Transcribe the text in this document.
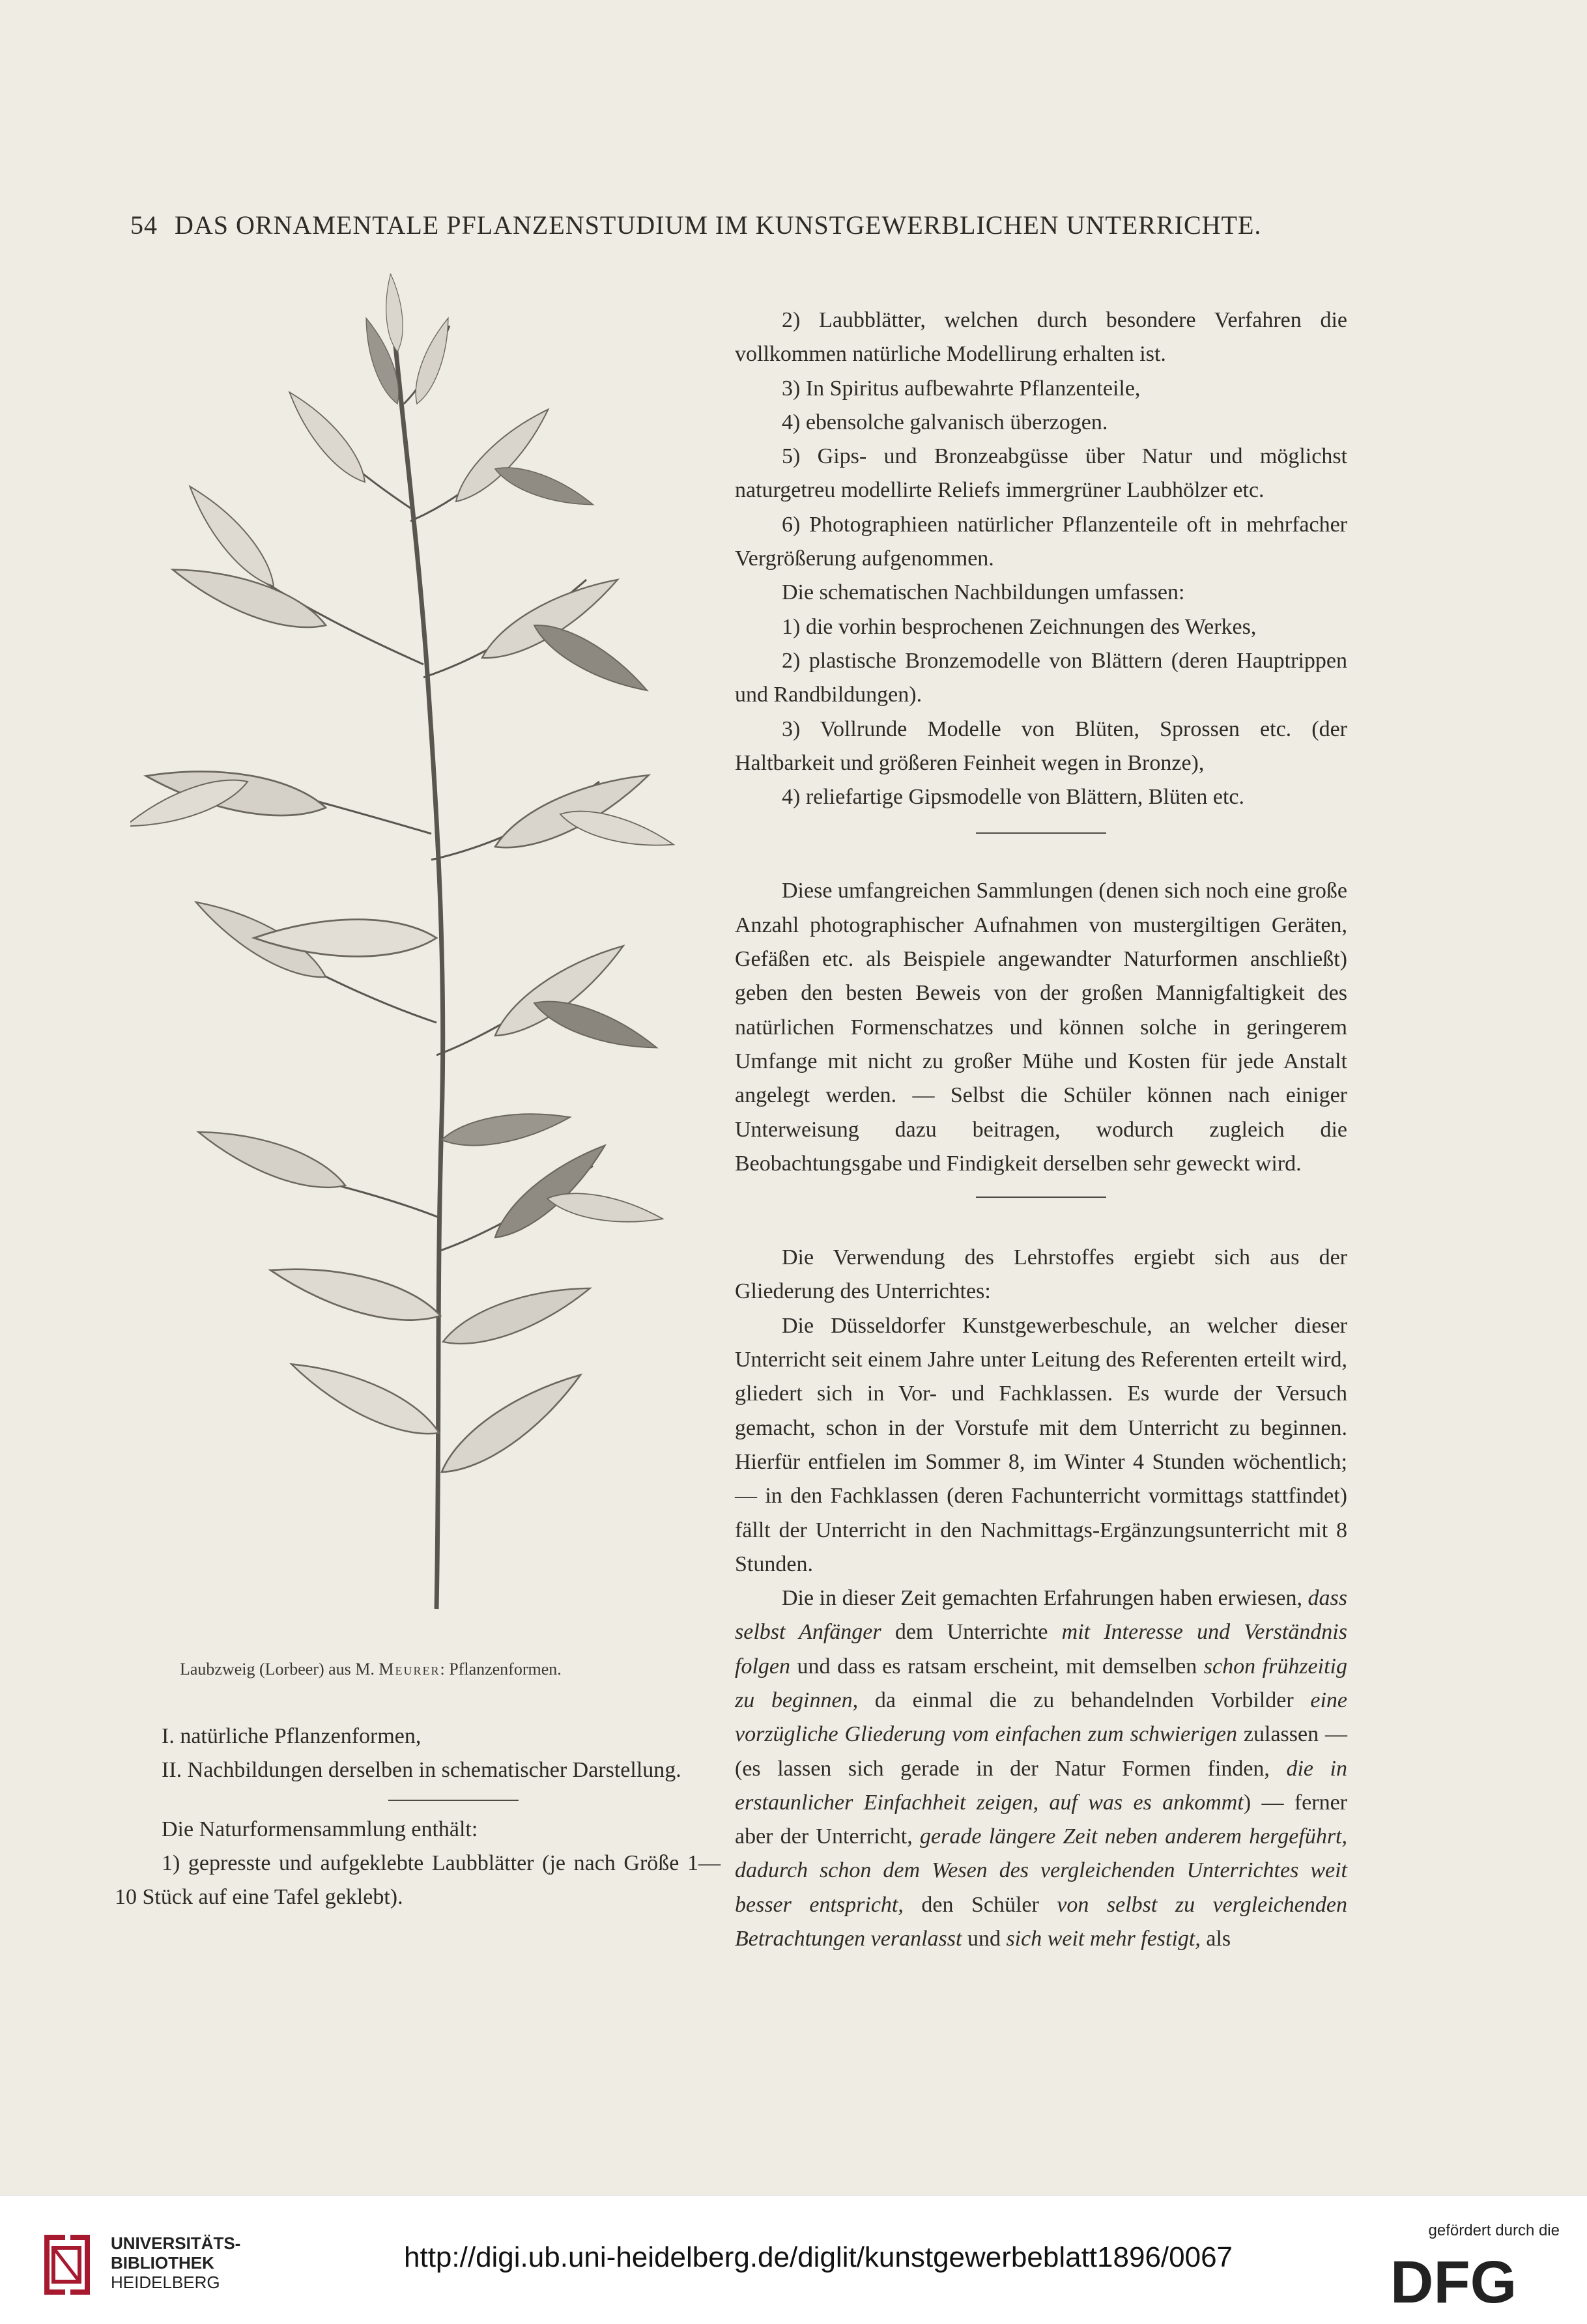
54 DAS ORNAMENTALE PFLANZENSTUDIUM IM KUNSTGEWERBLICHEN UNTERRICHTE.
Laubzweig (Lorbeer) aus M. Meurer: Pflanzenformen.

I. natürliche Pflanzenformen,

II. Nachbildungen derselben in schematischer Darstellung.

Die Naturformensammlung enthält:

1) gepresste und aufgeklebte Laubblätter (je nach Größe 1—10 Stück auf eine Tafel geklebt).

2) Laubblätter, welchen durch besondere Verfahren die vollkommen natürliche Modellirung erhalten ist.

3) In Spiritus aufbewahrte Pflanzenteile,

4) ebensolche galvanisch überzogen.

5) Gips- und Bronzeabgüsse über Natur und möglichst naturgetreu modellirte Reliefs immergrüner Laubhölzer etc.

6) Photographieen natürlicher Pflanzenteile oft in mehrfacher Vergrößerung aufgenommen.

Die schematischen Nachbildungen umfassen:

1) die vorhin besprochenen Zeichnungen des Werkes,

2) plastische Bronzemodelle von Blättern (deren Hauptrippen und Randbildungen).

3) Vollrunde Modelle von Blüten, Sprossen etc. (der Haltbarkeit und größeren Feinheit wegen in Bronze),

4) reliefartige Gipsmodelle von Blättern, Blüten etc.

Diese umfangreichen Sammlungen (denen sich noch eine große Anzahl photographischer Aufnahmen von mustergiltigen Geräten, Gefäßen etc. als Beispiele angewandter Naturformen anschließt) geben den besten Beweis von der großen Mannigfaltigkeit des natürlichen Formenschatzes und können solche in geringerem Umfange mit nicht zu großer Mühe und Kosten für jede Anstalt angelegt werden. — Selbst die Schüler können nach einiger Unterweisung dazu beitragen, wodurch zugleich die Beobachtungsgabe und Findigkeit derselben sehr geweckt wird.

Die Verwendung des Lehrstoffes ergiebt sich aus der Gliederung des Unterrichtes:

Die Düsseldorfer Kunstgewerbeschule, an welcher dieser Unterricht seit einem Jahre unter Leitung des Referenten erteilt wird, gliedert sich in Vor- und Fachklassen. Es wurde der Versuch gemacht, schon in der Vorstufe mit dem Unterricht zu beginnen. Hierfür entfielen im Sommer 8, im Winter 4 Stunden wöchentlich; — in den Fachklassen (deren Fachunterricht vormittags stattfindet) fällt der Unterricht in den Nachmittags-Ergänzungsunterricht mit 8 Stunden.

Die in dieser Zeit gemachten Erfahrungen haben erwiesen, dass selbst Anfänger dem Unterrichte mit Interesse und Verständnis folgen und dass es ratsam erscheint, mit demselben schon frühzeitig zu beginnen, da einmal die zu behandelnden Vorbilder eine vorzügliche Gliederung vom einfachen zum schwierigen zulassen — (es lassen sich gerade in der Natur Formen finden, die in erstaunlicher Einfachheit zeigen, auf was es ankommt) — ferner aber der Unterricht, gerade längere Zeit neben anderem hergeführt, dadurch schon dem Wesen des vergleichenden Unterrichtes weit besser entspricht, den Schüler von selbst zu vergleichenden Betrachtungen veranlasst und sich weit mehr festigt, als

UNIVERSITÄTS-
BIBLIOTHEK
HEIDELBERG
http://digi.ub.uni-heidelberg.de/diglit/kunstgewerbeblatt1896/0067
gefördert durch die
DFG
